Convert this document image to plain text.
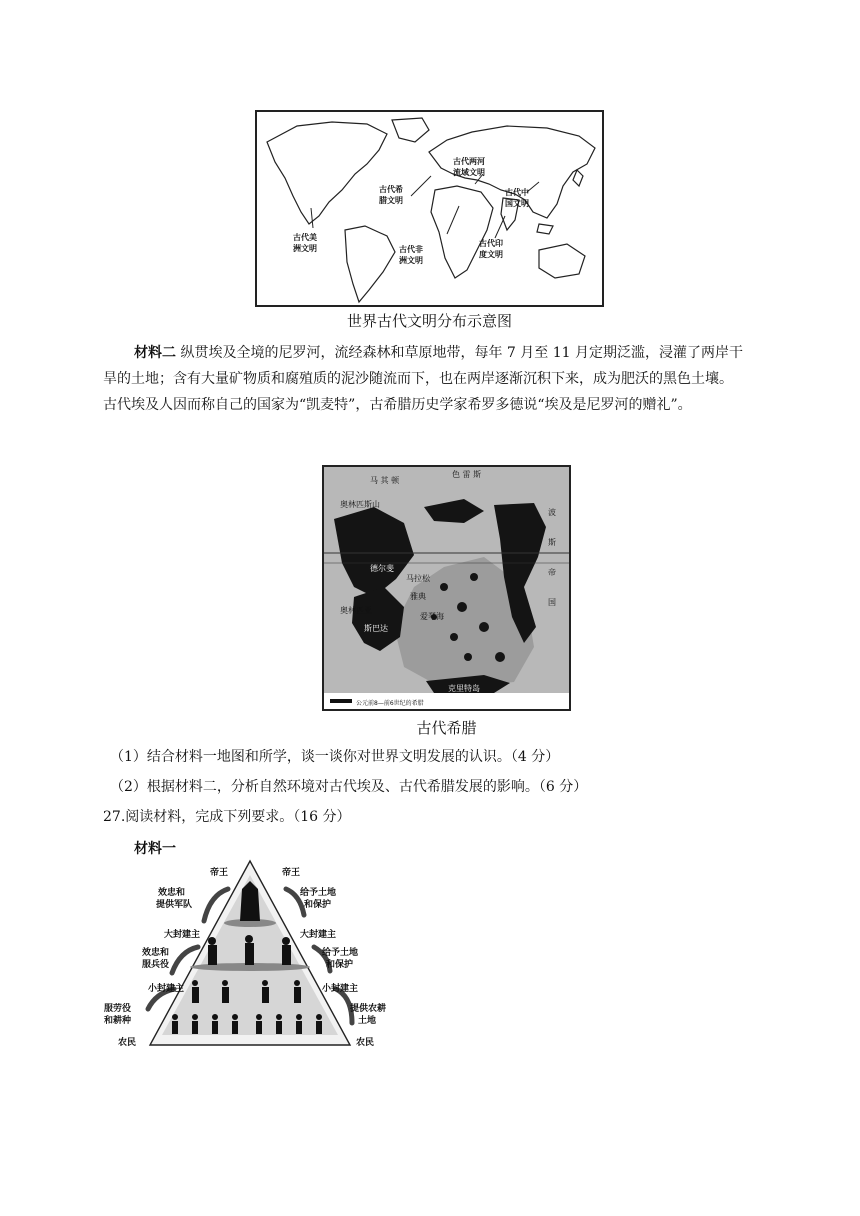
古代两河
流域文明
古代希
腊文明
古代中
国文明
古代美
洲文明	古代非
洲文明
古代印
度文明
世界古代文明分布示意图
材料二 纵贯埃及全境的尼罗河，流经森林和草原地带，每年 7 月至 11 月定期泛滥，浸灌了两岸干旱的土地；含有大量矿物质和腐殖质的泥沙随流而下，也在两岸逐渐沉积下来，成为肥沃的黑色土壤。古代埃及人因而称自己的国家为“凯麦特”，古希腊历史学家希罗多德说“埃及是尼罗河的赠礼”。
马 其 顿
色 雷 斯
奥林匹斯山
波
斯
帝
国
德尔斐
马拉松
雅典
奥林匹亚
斯巴达
爱琴海
克里特岛
公元前8—前6世纪的希腊
古代希腊
（1）结合材料一地图和所学，谈一谈你对世界文明发展的认识。（4 分）
（2）根据材料二，分析自然环境对古代埃及、古代希腊发展的影响。（6 分）
27.阅读材料，完成下列要求。（16 分）
材料一
帝王	帝王
效忠和
提供军队
给予土地
和保护
大封建主	大封建主
效忠和
服兵役
给予土地
和保护
小封建主	小封建主
服劳役
和耕种
提供农耕
土地
农民	农民
